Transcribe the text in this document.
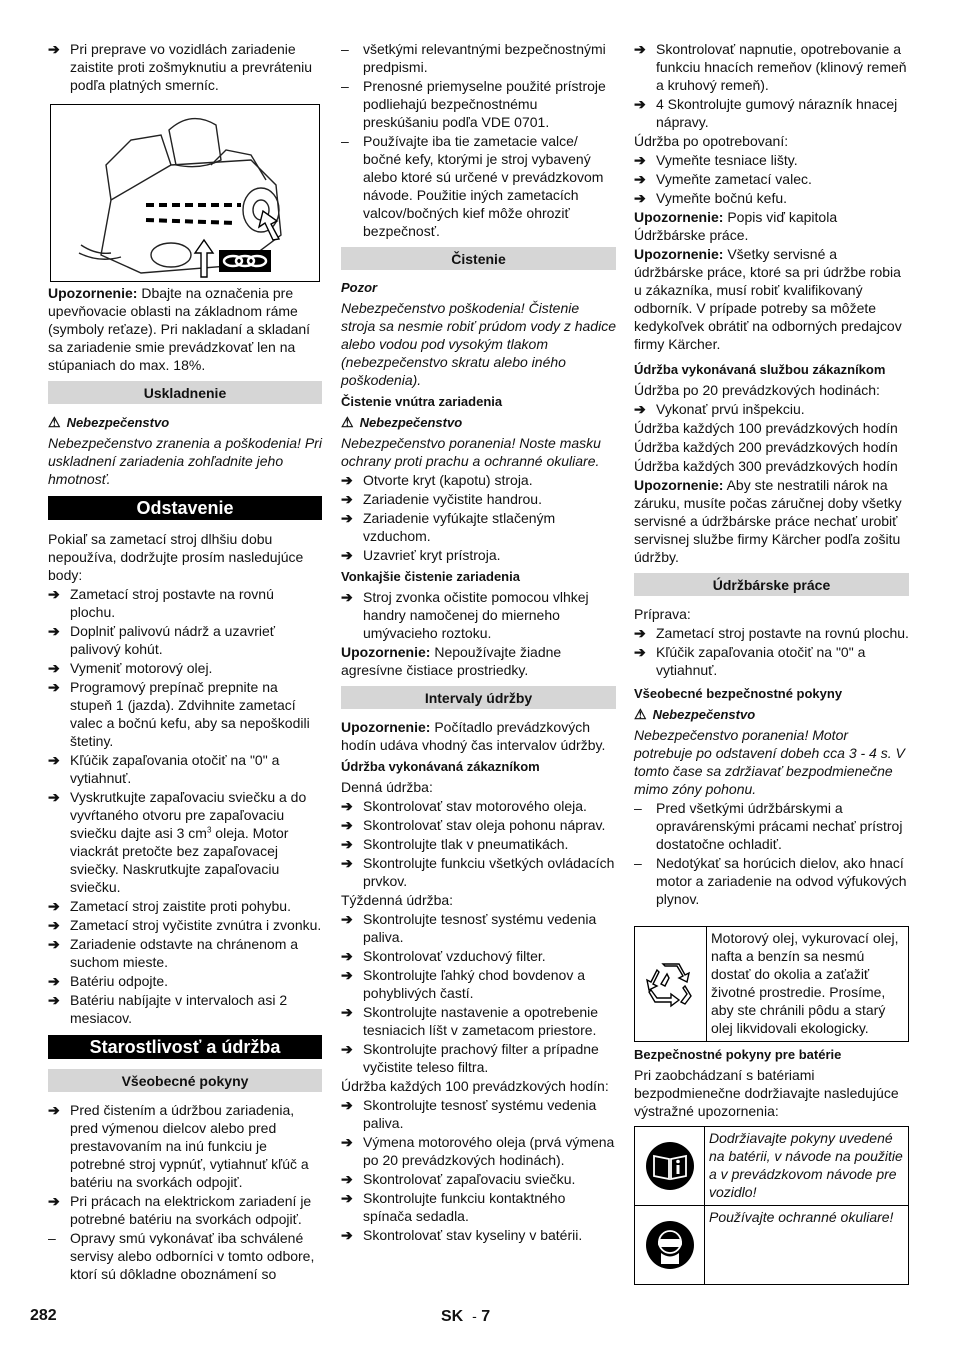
➔ Pri preprave vo vozidlách zariadenie zaistite proti zošmyknutiu a prevráteniu podľa platných smerníc.

Upozornenie: Dbajte na označenia pre upevňovacie oblasti na základnom ráme (symboly reťaze). Pri nakladaní a skladaní sa zariadenie smie prevádzkovať len na stúpaniach do max. 18%.

Uskladnenie
⚠ Nebezpečenstvo

Nebezpečenstvo zranenia a poškodenia! Pri uskladnení zariadenia zohľadnite jeho hmotnosť.

Odstavenie

Pokiaľ sa zametací stroj dlhšiu dobu nepoužíva, dodržujte prosím nasledujúce body:

➔ Zametací stroj postavte na rovnú plochu.
➔ Doplniť palivovú nádrž a uzavrieť palivový kohút.
➔ Vymeniť motorový olej.
➔ Programový prepínač prepnite na stupeň 1 (jazda). Zdvihnite zametací valec a bočnú kefu, aby sa nepoškodili štetiny.
➔ Kľúčik zapaľovania otočiť na "0" a vytiahnuť.
➔ Vyskrutkujte zapaľovaciu sviečku a do vyvŕtaného otvoru pre zapaľovaciu sviečku dajte asi 3 $cm^3$ oleja. Motor viackrát pretočte bez zapaľovacej sviečky. Naskrutkujte zapaľovaciu sviečku.
➔ Zametací stroj zaistite proti pohybu.
➔ Zametací stroj vyčistite zvnútra i zvonku.
➔ Zariadenie odstavte na chránenom a suchom mieste.
➔ Batériu odpojte.
➔ Batériu nabíjajte v intervaloch asi 2 mesiacov.
Starostlivosť a údržba
Všeobecné pokyny
➔ Pred čistením a údržbou zariadenia, pred výmenou dielcov alebo pred prestavovaním na inú funkciu je potrebné stroj vypnúť, vytiahnuť kľúč a batériu na svorkách odpojiť.
➔ Pri prácach na elektrickom zariadení je potrebné batériu na svorkách odpojiť.
– Opravy smú vykonávať iba schválené servisy alebo odborníci v tomto odbore, ktorí sú dôkladne oboznámení so
– všetkými relevantnými bezpečnostnými predpismi.
– Prenosné priemyselne použité prístroje podliehajú bezpečnostnému preskúšaniu podľa VDE 0701.
– Používajte iba tie zametacie valce/ bočné kefy, ktorými je stroj vybavený alebo ktoré sú určené v prevádzkovom návode. Použitie iných zametacích valcov/bočných kief môže ohroziť bezpečnosť.
Čistenie
Pozor

Nebezpečenstvo poškodenia! Čistenie stroja sa nesmie robiť prúdom vody z hadice alebo vodou pod vysokým tlakom (nebezpečenstvo skratu alebo iného poškodenia).

Čistenie vnútra zariadenia
⚠ Nebezpečenstvo

Nebezpečenstvo poranenia! Noste masku ochrany proti prachu a ochranné okuliare.

➔ Otvorte kryt (kapotu) stroja.
➔ Zariadenie vyčistite handrou.
➔ Zariadenie vyfúkajte stlačeným vzduchom.
➔ Uzavrieť kryt prístroja.
Vonkajšie čistenie zariadenia
➔ Stroj zvonka očistite pomocou vlhkej handry namočenej do mierneho umývacieho roztoku.

Upozornenie: Nepoužívajte žiadne agresívne čistiace prostriedky.

Intervaly údržby

Upozornenie: Počítadlo prevádzkových hodín udáva vhodný čas intervalov údržby.

Údržba vykonávaná zákazníkom

Denná údržba:

➔ Skontrolovať stav motorového oleja.
➔ Skontrolovať stav oleja pohonu náprav.
➔ Skontrolujte tlak v pneumatikách.
➔ Skontrolujte funkciu všetkých ovládacích prvkov.

Týždenná údržba:

➔ Skontrolujte tesnosť systému vedenia paliva.
➔ Skontrolovať vzduchový filter.
➔ Skontrolujte ľahký chod bovdenov a pohyblivých častí.
➔ Skontrolujte nastavenie a opotrebenie tesniacich líšt v zametacom priestore.
➔ Skontrolujte prachový filter a prípadne vyčistite teleso filtra.

Údržba každých 100 prevádzkových hodín:

➔ Skontrolujte tesnosť systému vedenia paliva.
➔ Výmena motorového oleja (prvá výmena po 20 prevádzkových hodinách).
➔ Skontrolovať zapaľovaciu sviečku.
➔ Skontrolujte funkciu kontaktného spínača sedadla.
➔ Skontrolovať stav kyseliny v batérii.
➔ Skontrolovať napnutie, opotrebovanie a funkciu hnacích remeňov (klinový remeň a kruhový remeň).
➔ 4 Skontrolujte gumový nárazník hnacej nápravy.

Údržba po opotrebovaní:

➔ Vymeňte tesniace lišty.
➔ Vymeňte zametací valec.
➔ Vymeňte bočnú kefu.

Upozornenie: Popis viď kapitola Údržbárske práce.

Upozornenie: Všetky servisné a údržbárske práce, ktoré sa pri údržbe robia u zákazníka, musí robiť kvalifikovaný odborník. V prípade potreby sa môžete kedykoľvek obrátiť na odborných predajcov firmy Kärcher.

Údržba vykonávaná službou zákazníkom

Údržba po 20 prevádzkových hodinách:

➔ Vykonať prvú inšpekciu.

Údržba každých 100 prevádzkových hodín

Údržba každých 200 prevádzkových hodín

Údržba každých 300 prevádzkových hodín

Upozornenie: Aby ste nestratili nárok na záruku, musíte počas záručnej doby všetky servisné a údržbárske práce nechať urobiť servisnej službe firmy Kärcher podľa zošitu údržby.

Údržbárske práce

Príprava:

➔ Zametací stroj postavte na rovnú plochu.
➔ Kľúčik zapaľovania otočiť na "0" a vytiahnuť.
Všeobecné bezpečnostné pokyny
⚠ Nebezpečenstvo

Nebezpečenstvo poranenia! Motor potrebuje po odstavení dobeh cca 3 - 4 s. V tomto čase sa zdržiavať bezpodmienečne mimo zóny pohonu.

– Pred všetkými údržbárskymi a opravárenskými prácami nechať prístroj dostatočne ochladiť.
– Nedotýkať sa horúcich dielov, ako hnací motor a zariadenie na odvod výfukových plynov.
Motorový olej, vykurovací olej, nafta a benzín sa nesmú dostať do okolia a zaťažiť životné prostredie. Prosíme, aby ste chránili pôdu a starý olej likvidovali ekologicky.
Bezpečnostné pokyny pre batérie

Pri zaobchádzaní s batériami bezpodmienečne dodržiavajte nasledujúce výstražné upozornenia:

Dodržiavajte pokyny uvedené na batérii, v návode na použitie a v prevádzkovom návode pre vozidlo!
Používajte ochranné okuliare!
282	SK - 7
